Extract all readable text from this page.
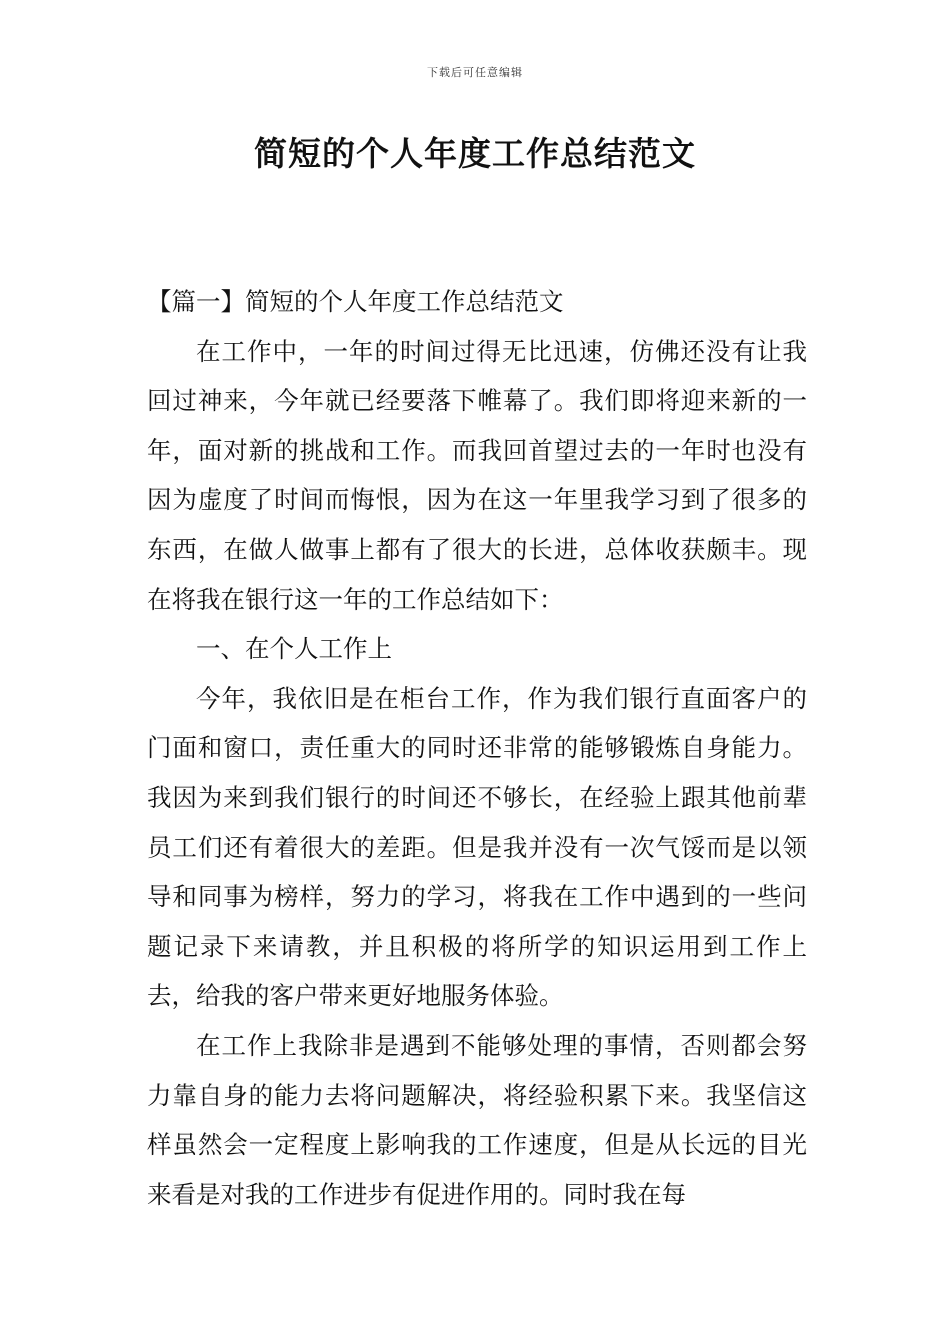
下载后可任意编辑
简短的个人年度工作总结范文

【篇一】简短的个人年度工作总结范文

在工作中，一年的时间过得无比迅速，仿佛还没有让我回过神来，今年就已经要落下帷幕了。我们即将迎来新的一年，面对新的挑战和工作。而我回首望过去的一年时也没有因为虚度了时间而悔恨，因为在这一年里我学习到了很多的东西，在做人做事上都有了很大的长进，总体收获颇丰。现在将我在银行这一年的工作总结如下：

一、在个人工作上

今年，我依旧是在柜台工作，作为我们银行直面客户的门面和窗口，责任重大的同时还非常的能够锻炼自身能力。我因为来到我们银行的时间还不够长，在经验上跟其他前辈员工们还有着很大的差距。但是我并没有一次气馁而是以领导和同事为榜样，努力的学习，将我在工作中遇到的一些问题记录下来请教，并且积极的将所学的知识运用到工作上去，给我的客户带来更好地服务体验。

在工作上我除非是遇到不能够处理的事情，否则都会努力靠自身的能力去将问题解决，将经验积累下来。我坚信这样虽然会一定程度上影响我的工作速度，但是从长远的目光来看是对我的工作进步有促进作用的。同时我在每
